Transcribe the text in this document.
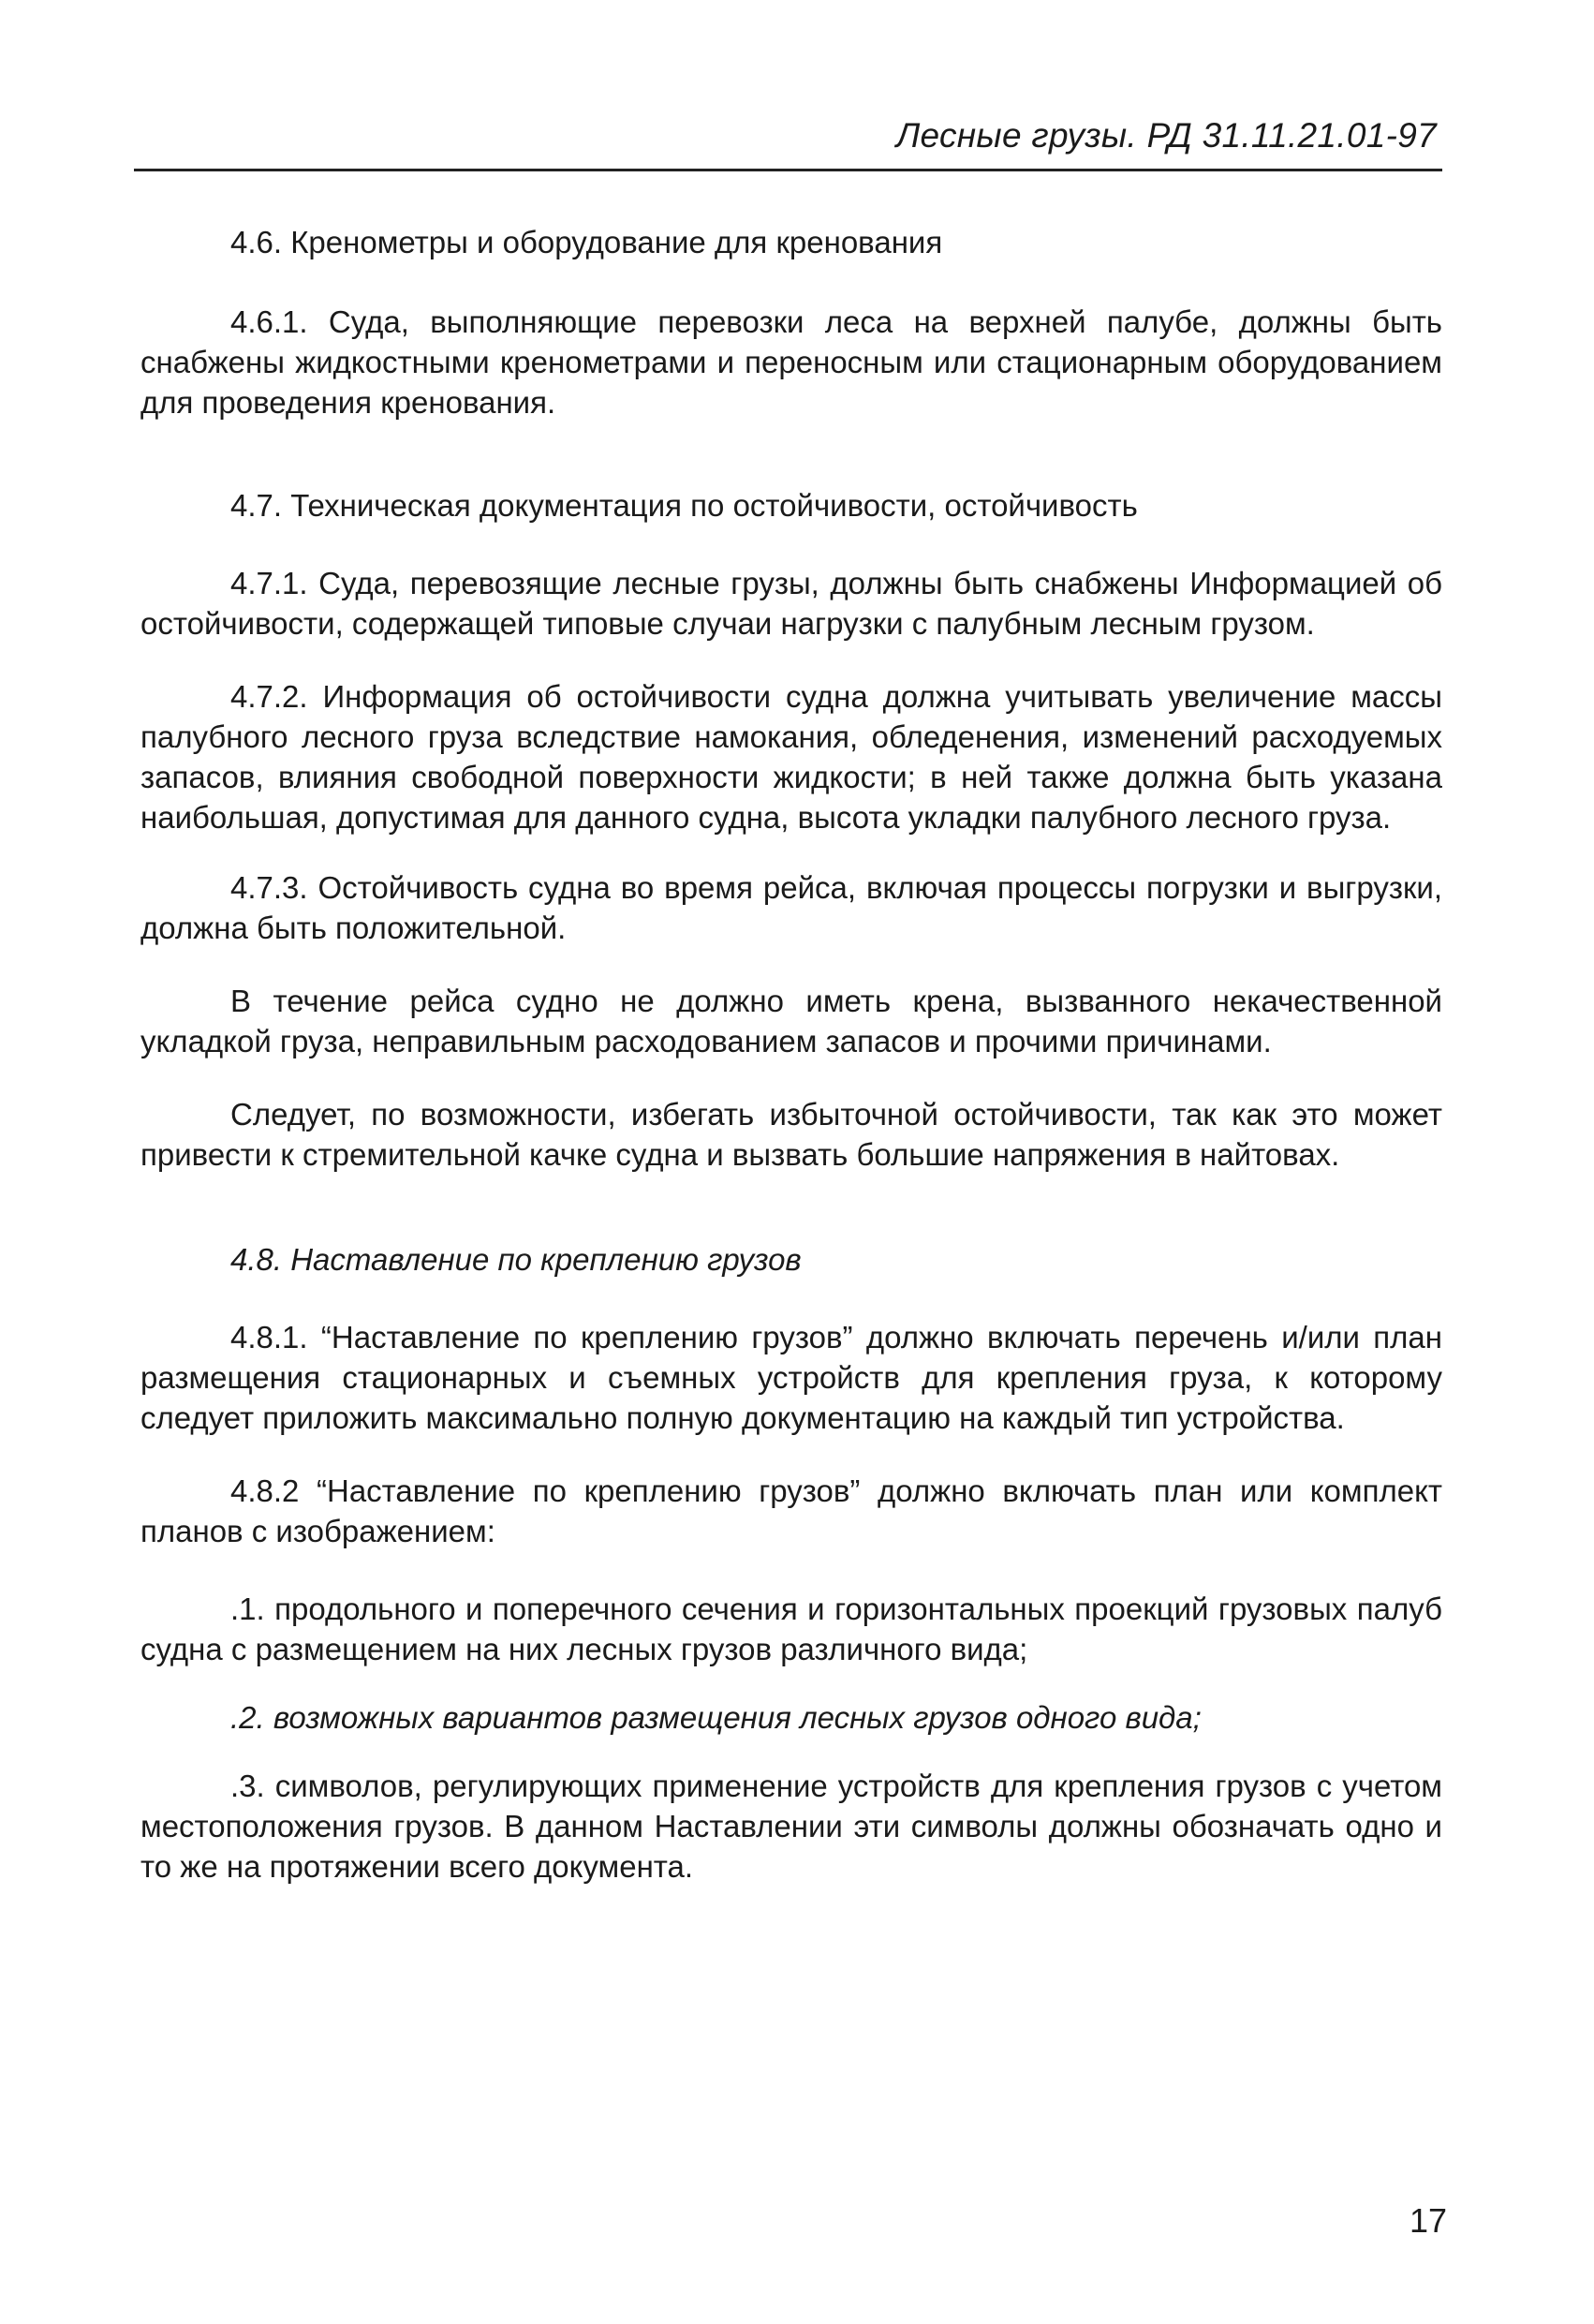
Лесные грузы. РД 31.11.21.01-97

4.6. Кренометры и оборудование для кренования

4.6.1. Суда, выполняющие перевозки леса на верхней палубе, должны быть снабжены жидкостными кренометрами и переносным или стационарным оборудованием для проведения кренования.

4.7. Техническая документация по остойчивости, остойчивость

4.7.1. Суда, перевозящие лесные грузы, должны быть снабжены Информацией об остойчивости, содержащей типовые случаи нагрузки с палубным лесным грузом.

4.7.2. Информация об остойчивости судна должна учитывать увеличение массы палубного лесного груза вследствие намокания, обледенения, изменений расходуемых запасов, влияния свободной поверхности жидкости; в ней также должна быть указана наибольшая, допустимая для данного судна, высота укладки палубного лесного груза.

4.7.3. Остойчивость судна во время рейса, включая процессы погрузки и выгрузки, должна быть положительной.

В течение рейса судно не должно иметь крена, вызванного некачественной укладкой груза, неправильным расходованием запасов и прочими причинами.

Следует, по возможности, избегать избыточной остойчивости, так как это может привести к стремительной качке судна и вызвать большие напряжения в найтовах.

4.8. Наставление по креплению грузов

4.8.1. “Наставление по креплению грузов” должно включать перечень и/или план размещения стационарных и съемных устройств для крепления груза, к которому следует приложить максимально полную документацию на каждый тип устройства.

4.8.2 “Наставление по креплению грузов” должно включать план или комплект планов с изображением:

.1. продольного и поперечного сечения и горизонтальных проекций грузовых палуб судна с размещением на них лесных грузов различного вида;

.2. возможных вариантов размещения лесных грузов одного вида;

.3. символов, регулирующих применение устройств для крепления грузов с учетом местоположения грузов. В данном Наставлении эти символы должны обозначать одно и то же на протяжении всего документа.

17
